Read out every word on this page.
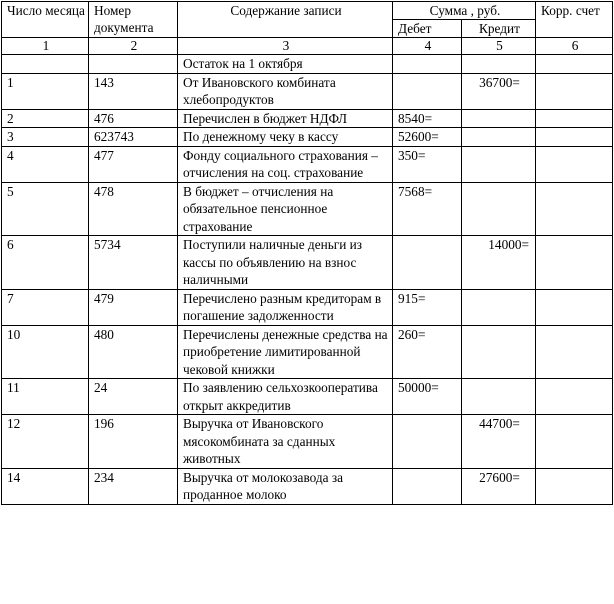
Число месяца	Номер документа	Содержание записи	Сумма , руб.		Корр. счет
			Дебет	Кредит	
1	2	3	4	5	6
		Остаток на 1 октября			
1	143	От Ивановского комбината хлебопродуктов		36700=	
2	476	Перечислен в бюджет НДФЛ	8540=		
3	623743	По денежному чеку в кассу	52600=		
4	477	Фонду социального страхования – отчисления на соц. страхование	350=		
5	478	В бюджет – отчисления на обязательное пенсионное страхование	7568=		
6	5734	Поступили наличные деньги из кассы по объявлению на взнос наличными		14000=	
7	479	Перечислено разным кредиторам в погашение задолженности	915=		
10	480	Перечислены денежные средства на приобретение лимитированной чековой книжки	260=		
11	24	По заявлению сельхозкооператива открыт аккредитив	50000=		
12	196	Выручка от Ивановского мясокомбината за сданных животных		44700=	
14	234	Выручка от молокозавода за проданное молоко		27600=	
